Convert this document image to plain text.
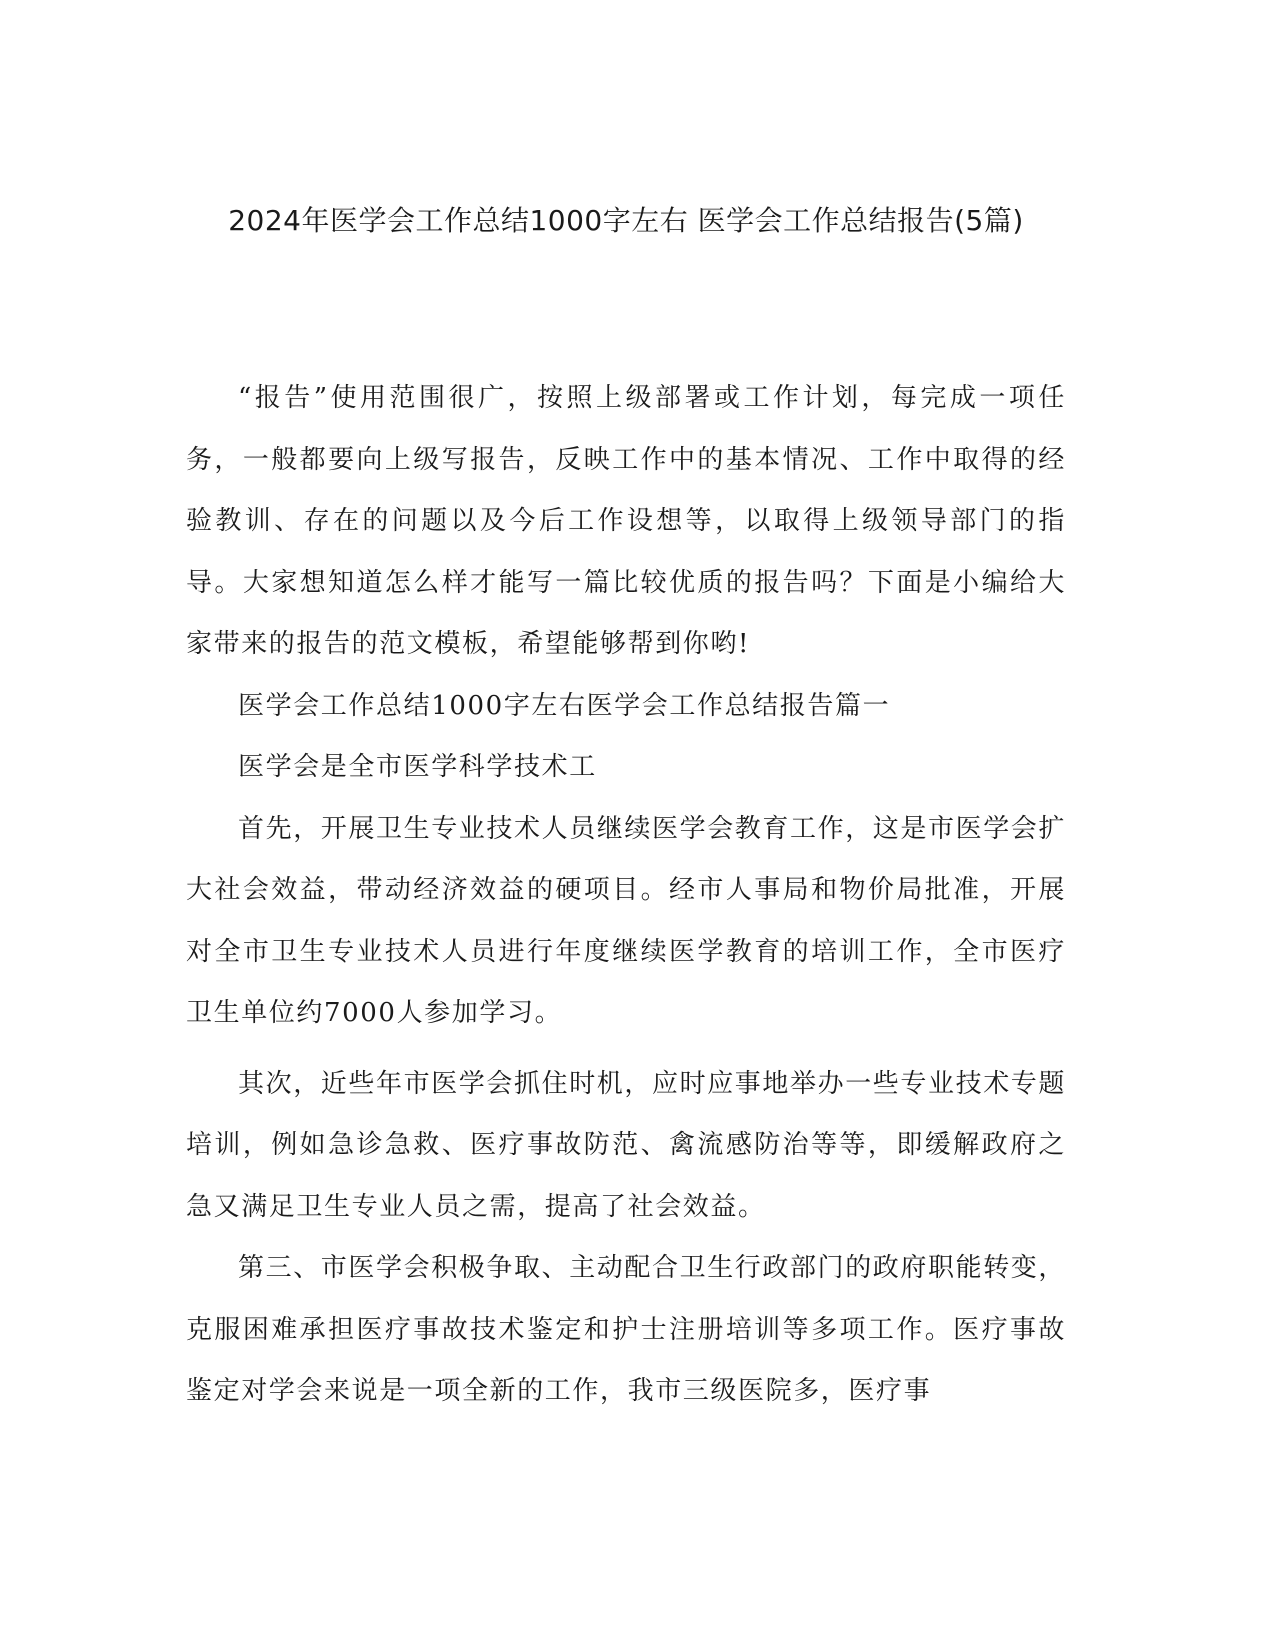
2024年医学会工作总结1000字左右 医学会工作总结报告(5篇)

“报告”使用范围很广，按照上级部署或工作计划，每完成一项任务，一般都要向上级写报告，反映工作中的基本情况、工作中取得的经验教训、存在的问题以及今后工作设想等，以取得上级领导部门的指导。大家想知道怎么样才能写一篇比较优质的报告吗？下面是小编给大家带来的报告的范文模板，希望能够帮到你哟!

医学会工作总结1000字左右医学会工作总结报告篇一

医学会是全市医学科学技术工

首先，开展卫生专业技术人员继续医学会教育工作，这是市医学会扩大社会效益，带动经济效益的硬项目。经市人事局和物价局批准，开展对全市卫生专业技术人员进行年度继续医学教育的培训工作，全市医疗卫生单位约7000人参加学习。

其次，近些年市医学会抓住时机，应时应事地举办一些专业技术专题培训，例如急诊急救、医疗事故防范、禽流感防治等等，即缓解政府之急又满足卫生专业人员之需，提高了社会效益。

第三、市医学会积极争取、主动配合卫生行政部门的政府职能转变，克服困难承担医疗事故技术鉴定和护士注册培训等多项工作。医疗事故鉴定对学会来说是一项全新的工作，我市三级医院多，医疗事
